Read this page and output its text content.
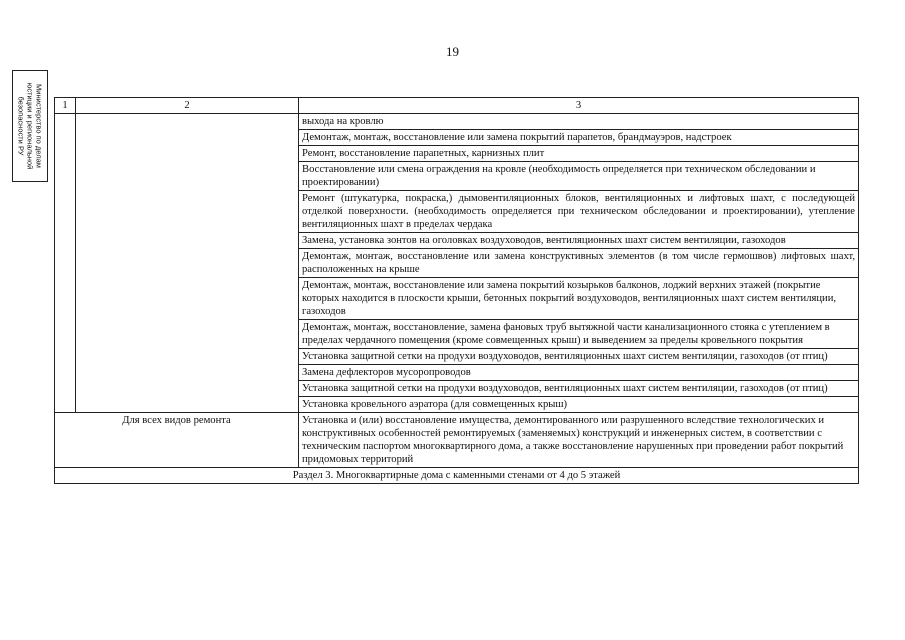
19
Министерство по делам
юстиции и региональной
безопасности РУ	1	2	3
		выхода на кровлю
		Демонтаж, монтаж, восстановление или замена покрытий парапетов, брандмауэров, надстроек
		Ремонт, восстановление парапетных, карнизных плит
		Восстановление или смена ограждения на кровле (необходимость определяется при техническом обследовании и проектировании)
		Ремонт (штукатурка, покраска,) дымовентиляционных блоков, вентиляционных и лифтовых шахт, с последующей отделкой поверхности. (необходимость определяется при техническом обследовании и проектировании), утепление вентиляционных шахт в пределах чердака
		Замена, установка зонтов на оголовках воздуховодов, вентиляционных шахт систем вентиляции, газоходов
		Демонтаж, монтаж, восстановление или замена конструктивных элементов (в том числе гермошвов) лифтовых шахт, расположенных на крыше
		Демонтаж, монтаж, восстановление или замена покрытий козырьков балконов, лоджий верхних этажей (покрытие которых находится в плоскости крыши, бетонных покрытий воздуховодов, вентиляционных шахт систем вентиляции, газоходов
		Демонтаж, монтаж, восстановление, замена фановых труб вытяжной части канализационного стояка с утеплением в пределах чердачного помещения (кроме совмещенных крыш) и выведением за пределы кровельного покрытия
		Установка защитной сетки на продухи воздуховодов, вентиляционных шахт систем вентиляции, газоходов (от птиц)
		Замена дефлекторов мусоропроводов
		Установка защитной сетки на продухи воздуховодов, вентиляционных шахт систем вентиляции, газоходов (от птиц)
		Установка кровельного аэратора (для совмещенных крыш)
Для всех видов ремонта		Установка и (или) восстановление имущества, демонтированного или разрушенного вследствие технологических и конструктивных особенностей ремонтируемых (заменяемых) конструкций и инженерных систем, в соответствии с техническим паспортом многоквартирного дома, а также восстановление нарушенных при проведении работ покрытий придомовых территорий
Раздел 3. Многоквартирные дома с каменными стенами от 4 до 5 этажей		
